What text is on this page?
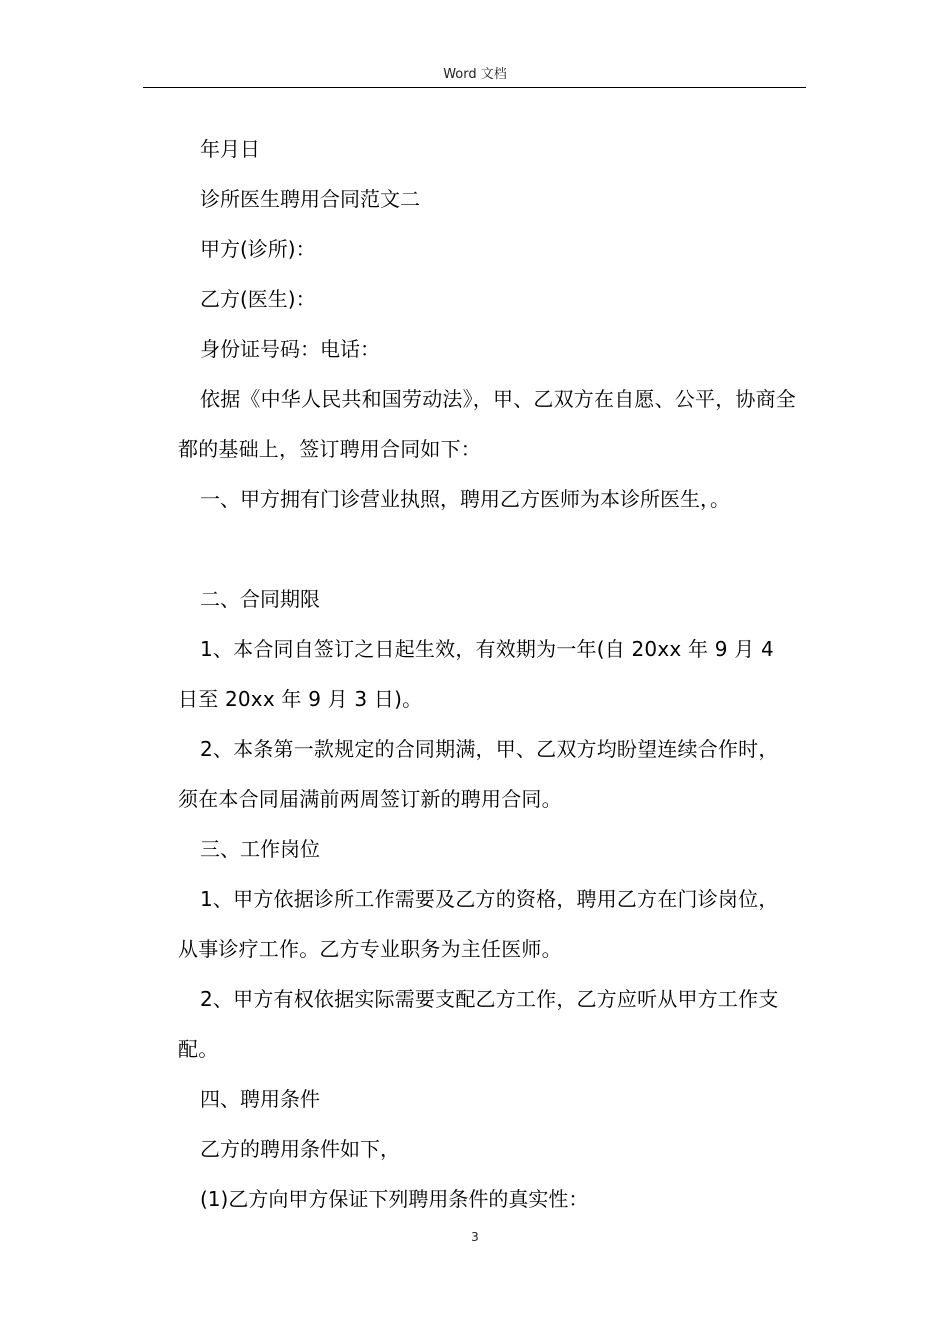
Word 文档

年月日

诊所医生聘用合同范文二

甲方(诊所)：

乙方(医生)：

身份证号码：电话：

依据《中华人民共和国劳动法》，甲、乙双方在自愿、公平，协商全都的基础上，签订聘用合同如下：

一、甲方拥有门诊营业执照，聘用乙方医师为本诊所医生，。

二、合同期限

1、本合同自签订之日起生效，有效期为一年(自 20xx 年 9 月 4 日至 20xx 年 9 月 3 日)。

2、本条第一款规定的合同期满，甲、乙双方均盼望连续合作时，须在本合同届满前两周签订新的聘用合同。

三、工作岗位

1、甲方依据诊所工作需要及乙方的资格，聘用乙方在门诊岗位，从事诊疗工作。乙方专业职务为主任医师。

2、甲方有权依据实际需要支配乙方工作，乙方应听从甲方工作支配。

四、聘用条件

乙方的聘用条件如下，

(1)乙方向甲方保证下列聘用条件的真实性：

3
